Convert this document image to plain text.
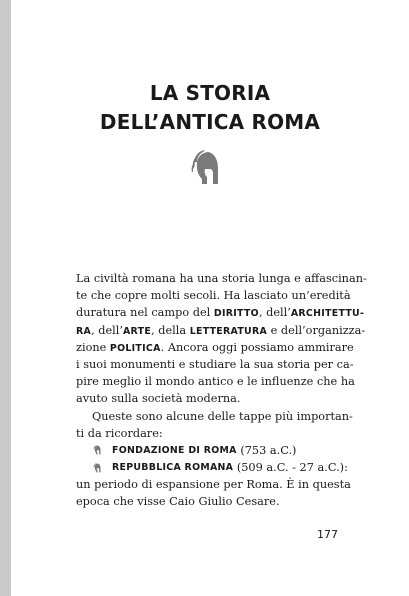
LA STORIA
DELL’ANTICA ROMA
La civiltà romana ha una storia lunga e affascinan-
te che copre molti secoli. Ha lasciato un’eredità
duratura nel campo del DIRITTO, dell’ARCHITETTU-
RA, dell’ARTE, della LETTERATURA e dell’organizza-
zione POLITICA. Ancora oggi possiamo ammirare
i suoi monumenti e studiare la sua storia per ca-
pire meglio il mondo antico e le influenze che ha
avuto sulla società moderna.
Queste sono alcune delle tappe più importan-
ti da ricordare:
FONDAZIONE DI ROMA (753 a.C.)
REPUBBLICA ROMANA (509 a.C. - 27 a.C.):
un periodo di espansione per Roma. È in questa
epoca che visse Caio Giulio Cesare.
177
